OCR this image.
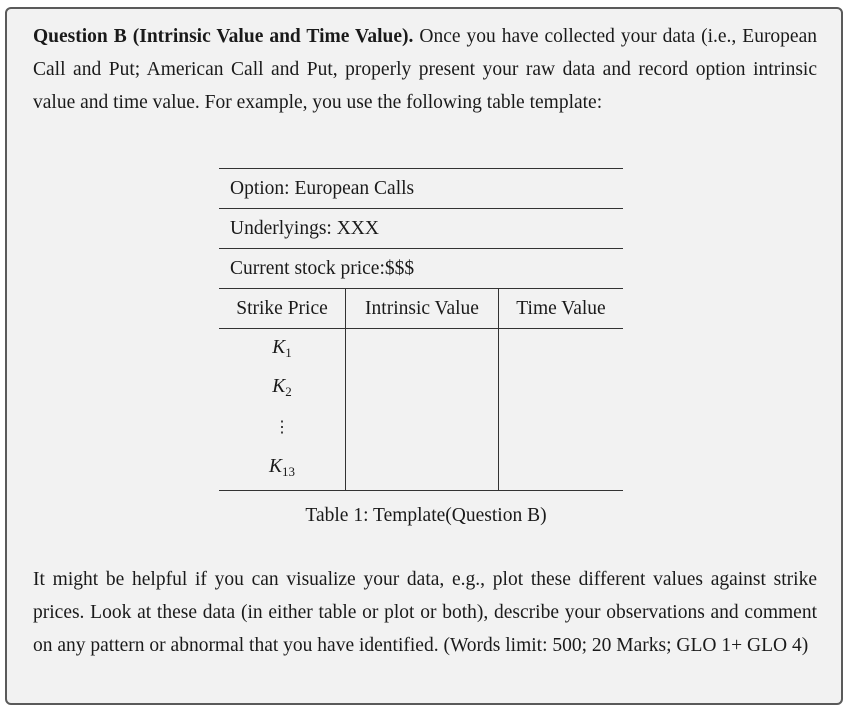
Question B (Intrinsic Value and Time Value). Once you have collected your data (i.e., European Call and Put; American Call and Put, properly present your raw data and record option intrinsic value and time value. For example, you use the following table template:
Option: European Calls		
Underlyings: XXX		
Current stock price:$$$		
Strike Price	Intrinsic Value	Time Value
$K_1$		
$K_2$		
⋮		
$K_{13}$		
Table 1: Template(Question B)
It might be helpful if you can visualize your data, e.g., plot these different values against strike prices. Look at these data (in either table or plot or both), describe your observations and comment on any pattern or abnormal that you have identified. (Words limit: 500; 20 Marks; GLO 1+ GLO 4)
